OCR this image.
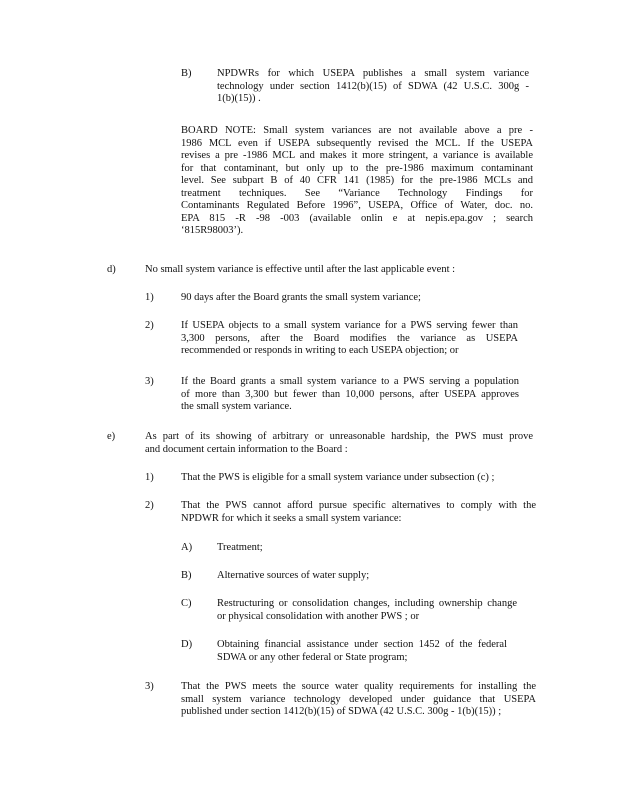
B) NPDWRs for which USEPA publishes a small system variance
technology under section 1412(b)(15) of SDWA (42 U.S.C. 300g -
1(b)(15)) .
BOARD NOTE: Small system variances are not available above a pre -
1986 MCL even if USEPA subsequently revised the MCL. If the USEPA
revises a pre -1986 MCL and makes it more stringent, a variance is available
for that contaminant, but only up to the pre-1986 maximum contaminant
level. See subpart B of 40 CFR 141 (1985) for the pre-1986 MCLs and
treatment techniques. See “Variance Technology Findings for
Contaminants Regulated Before 1996”, USEPA, Office of Water, doc. no.
EPA 815 -R -98 -003 (available onlin e at nepis.epa.gov ; search
‘815R98003’).
d)	No small system variance is effective until after the last applicable event :
1)	90 days after the Board grants the small system variance;
2)	If USEPA objects to a small system variance for a PWS serving fewer than
3,300 persons, after the Board modifies the variance as USEPA
recommended or responds in writing to each USEPA objection; or
3)	If the Board grants a small system variance to a PWS serving a population
of more than 3,300 but fewer than 10,000 persons, after USEPA approves
the small system variance.
e)	As part of its showing of arbitrary or unreasonable hardship, the PWS must prove
and document certain information to the Board :
1)	That the PWS is eligible for a small system variance under subsection (c) ;
2)	That the PWS cannot afford pursue specific alternatives to comply with the
NPDWR for which it seeks a small system variance:
A) Treatment;
B) Alternative sources of water supply;
C) Restructuring or consolidation changes, including ownership change
or physical consolidation with another PWS ; or
D) Obtaining financial assistance under section 1452 of the federal
SDWA or any other federal or State program;
3)	That the PWS meets the source water quality requirements for installing the
small system variance technology developed under guidance that USEPA
published under section 1412(b)(15) of SDWA (42 U.S.C. 300g - 1(b)(15)) ;
